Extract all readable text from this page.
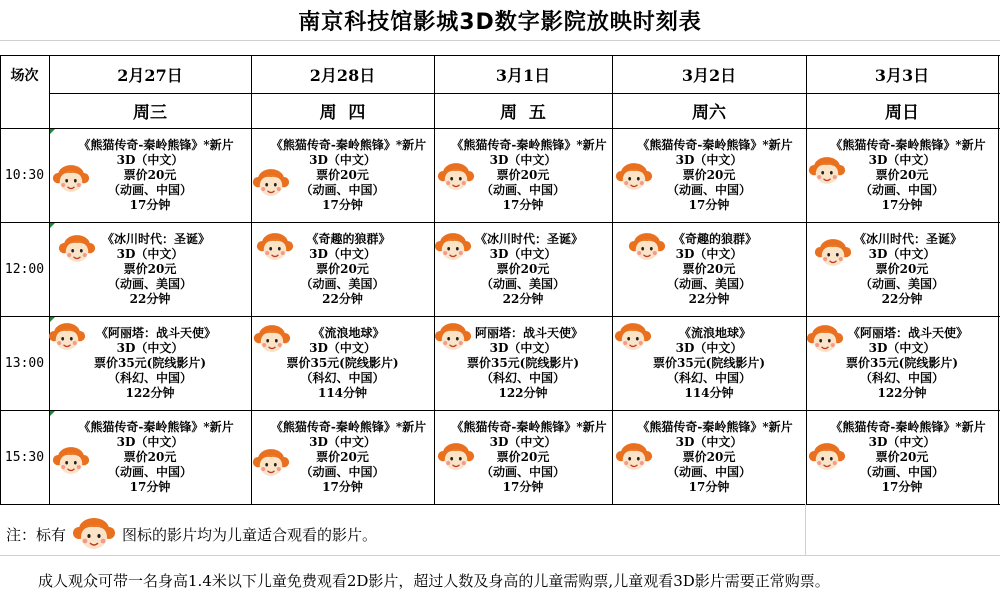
南京科技馆影城3D数字影院放映时刻表
场次	2月27日
周三
2月28日
周  四
3月1日
周  五
3月2日
周六
3月3日
周日
10:30
《熊猫传奇-秦岭熊锋》*新片
3D（中文）
票价20元
（动画、中国）
17分钟
《熊猫传奇-秦岭熊锋》*新片
3D（中文）
票价20元
（动画、中国）
17分钟
《熊猫传奇-秦岭熊锋》*新片
3D（中文）
票价20元
（动画、中国）
17分钟
《熊猫传奇-秦岭熊锋》*新片
3D（中文）
票价20元
（动画、中国）
17分钟
《熊猫传奇-秦岭熊锋》*新片
3D（中文）
票价20元
（动画、中国）
17分钟
12:00
《冰川时代：圣诞》
3D（中文）
票价20元
（动画、美国）
22分钟
《奇趣的狼群》
3D（中文）
票价20元
（动画、美国）
22分钟
《冰川时代：圣诞》
3D（中文）
票价20元
（动画、美国）
22分钟
《奇趣的狼群》
3D（中文）
票价20元
（动画、美国）
22分钟
《冰川时代：圣诞》
3D（中文）
票价20元
（动画、美国）
22分钟
13:00
《阿丽塔：战斗天使》
3D（中文）
票价35元(院线影片)
（科幻、中国）
122分钟
《流浪地球》
3D（中文）
票价35元(院线影片)
（科幻、中国）
114分钟
阿丽塔：战斗天使》
3D（中文）
票价35元(院线影片)
（科幻、中国）
122分钟
《流浪地球》
3D（中文）
票价35元(院线影片)
（科幻、中国）
114分钟
《阿丽塔：战斗天使》
3D（中文）
票价35元(院线影片)
（科幻、中国）
122分钟
15:30
《熊猫传奇-秦岭熊锋》*新片
3D（中文）
票价20元
（动画、中国）
17分钟
《熊猫传奇-秦岭熊锋》*新片
3D（中文）
票价20元
（动画、中国）
17分钟
《熊猫传奇-秦岭熊锋》*新片
3D（中文）
票价20元
（动画、中国）
17分钟
《熊猫传奇-秦岭熊锋》*新片
3D（中文）
票价20元
（动画、中国）
17分钟
《熊猫传奇-秦岭熊锋》*新片
3D（中文）
票价20元
（动画、中国）
17分钟
注：标有	图标的影片均为儿童适合观看的影片。
成人观众可带一名身高1.4米以下儿童免费观看2D影片，超过人数及身高的儿童需购票,儿童观看3D影片需要正常购票。
